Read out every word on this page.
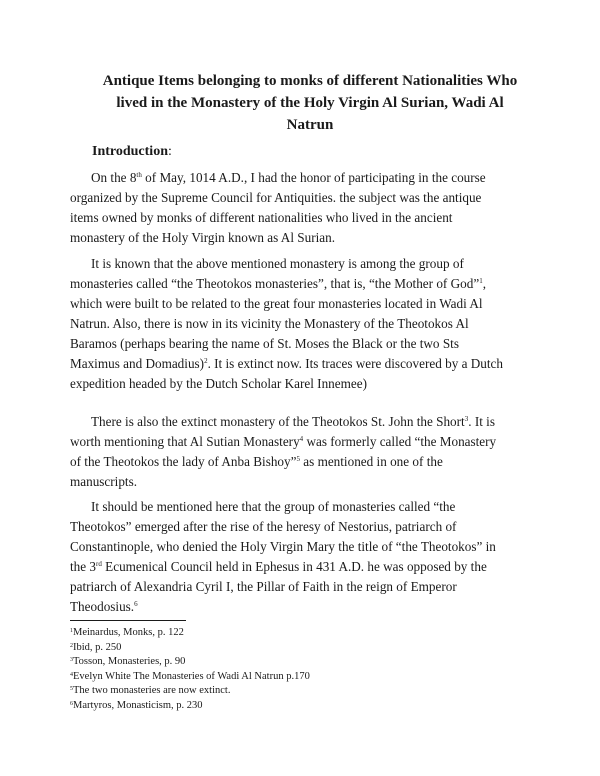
Antique Items belonging to monks of different Nationalities Who
lived in the Monastery of the Holy Virgin Al Surian, Wadi Al
Natrun
Introduction:
On the 8th of May, 1014 A.D., I had the honor of participating in the course
organized by the Supreme Council for Antiquities. the subject was the antique
items owned by monks of different nationalities who lived in the ancient
monastery of the Holy Virgin known as Al Surian.
It is known that the above mentioned monastery is among the group of
monasteries called “the Theotokos monasteries”, that is, “the Mother of God”$^1$,
which were built to be related to the great four monasteries located in Wadi Al
Natrun. Also, there is now in its vicinity the Monastery of the Theotokos Al
Baramos (perhaps bearing the name of St. Moses the Black or the two Sts
Maximus and Domadius)$^2$. It is extinct now. Its traces were discovered by a Dutch
expedition headed by the Dutch Scholar Karel Innemee)
There is also the extinct monastery of the Theotokos St. John the Short$^3$. It is
worth mentioning that Al Sutian Monastery$^4$ was formerly called “the Monastery
of the Theotokos the lady of Anba Bishoy”$^5$ as mentioned in one of the
manuscripts.
It should be mentioned here that the group of monasteries called “the
Theotokos” emerged after the rise of the heresy of Nestorius, patriarch of
Constantinople, who denied the Holy Virgin Mary the title of “the Theotokos” in
the 3rd Ecumenical Council held in Ephesus in 431 A.D. he was opposed by the
patriarch of Alexandria Cyril I, the Pillar of Faith in the reign of Emperor
Theodosius.$^6$
$^1$Meinardus, Monks, p. 122
$^2$Ibid, p. 250
$^3$Tosson, Monasteries, p. 90
$^4$Evelyn White The Monasteries of Wadi Al Natrun p.170
$^5$The two monasteries are now extinct.
$^6$Martyros, Monasticism, p. 230
